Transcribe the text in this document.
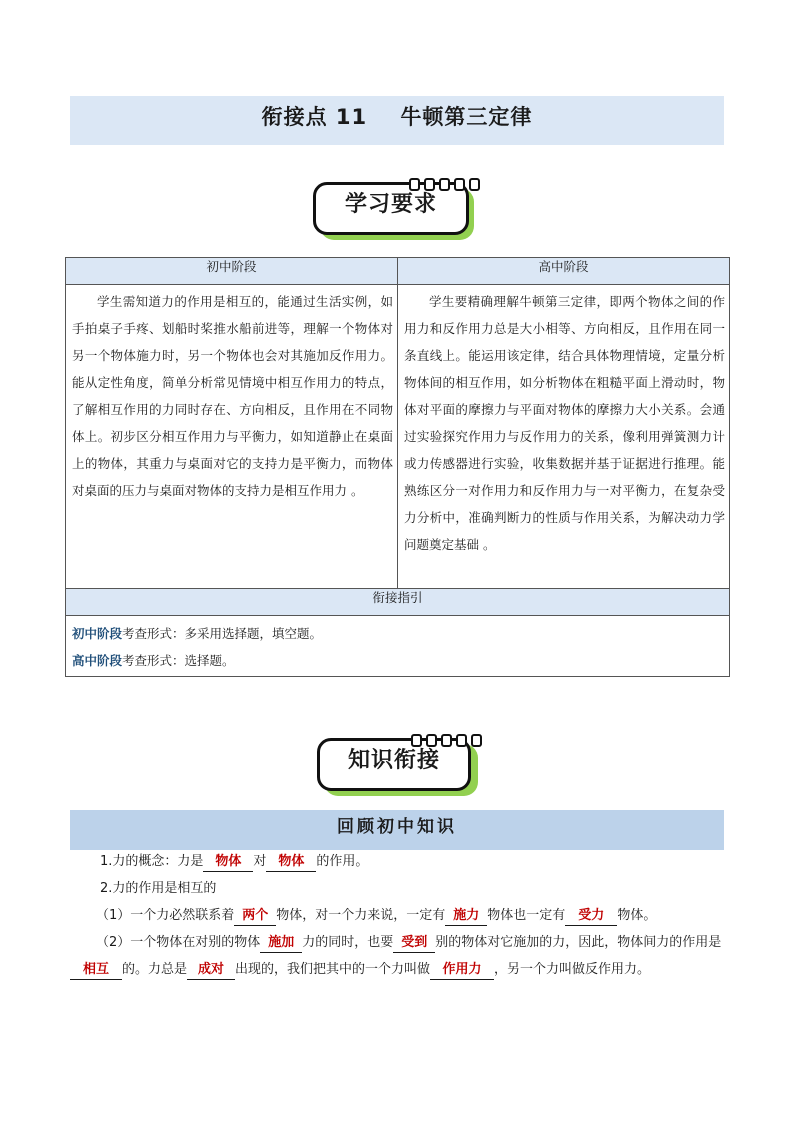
衔接点 11    牛顿第三定律
学习要求
初中阶段	高中阶段
学生需知道力的作用是相互的，能通过生活实例，如手拍桌子手疼、划船时桨推水船前进等，理解一个物体对另一个物体施力时，另一个物体也会对其施加反作用力。能从定性角度，简单分析常见情境中相互作用力的特点，了解相互作用的力同时存在、方向相反，且作用在不同物体上。初步区分相互作用力与平衡力，如知道静止在桌面上的物体，其重力与桌面对它的支持力是平衡力，而物体对桌面的压力与桌面对物体的支持力是相互作用力 。	学生要精确理解牛顿第三定律，即两个物体之间的作用力和反作用力总是大小相等、方向相反，且作用在同一条直线上。能运用该定律，结合具体物理情境，定量分析物体间的相互作用，如分析物体在粗糙平面上滑动时，物体对平面的摩擦力与平面对物体的摩擦力大小关系。会通过实验探究作用力与反作用力的关系，像利用弹簧测力计或力传感器进行实验，收集数据并基于证据进行推理。能熟练区分一对作用力和反作用力与一对平衡力，在复杂受力分析中，准确判断力的性质与作用关系，为解决动力学问题奠定基础 。
衔接指引	

初中阶段考查形式：多采用选择题，填空题。
高中阶段考查形式：选择题。	
知识衔接
回顾初中知识
1.力的概念：力是 物体 对 物体 的作用。
2.力的作用是相互的
（1）一个力必然联系着 两个 物体，对一个力来说，一定有 施力 物体也一定有 受力 物体。
（2）一个物体在对别的物体 施加 力的同时，也要 受到 别的物体对它施加的力，因此，物体间力的作用是相互 的。力总是 成对 出现的，我们把其中的一个力叫做 作用力 ，另一个力叫做反作用力。
